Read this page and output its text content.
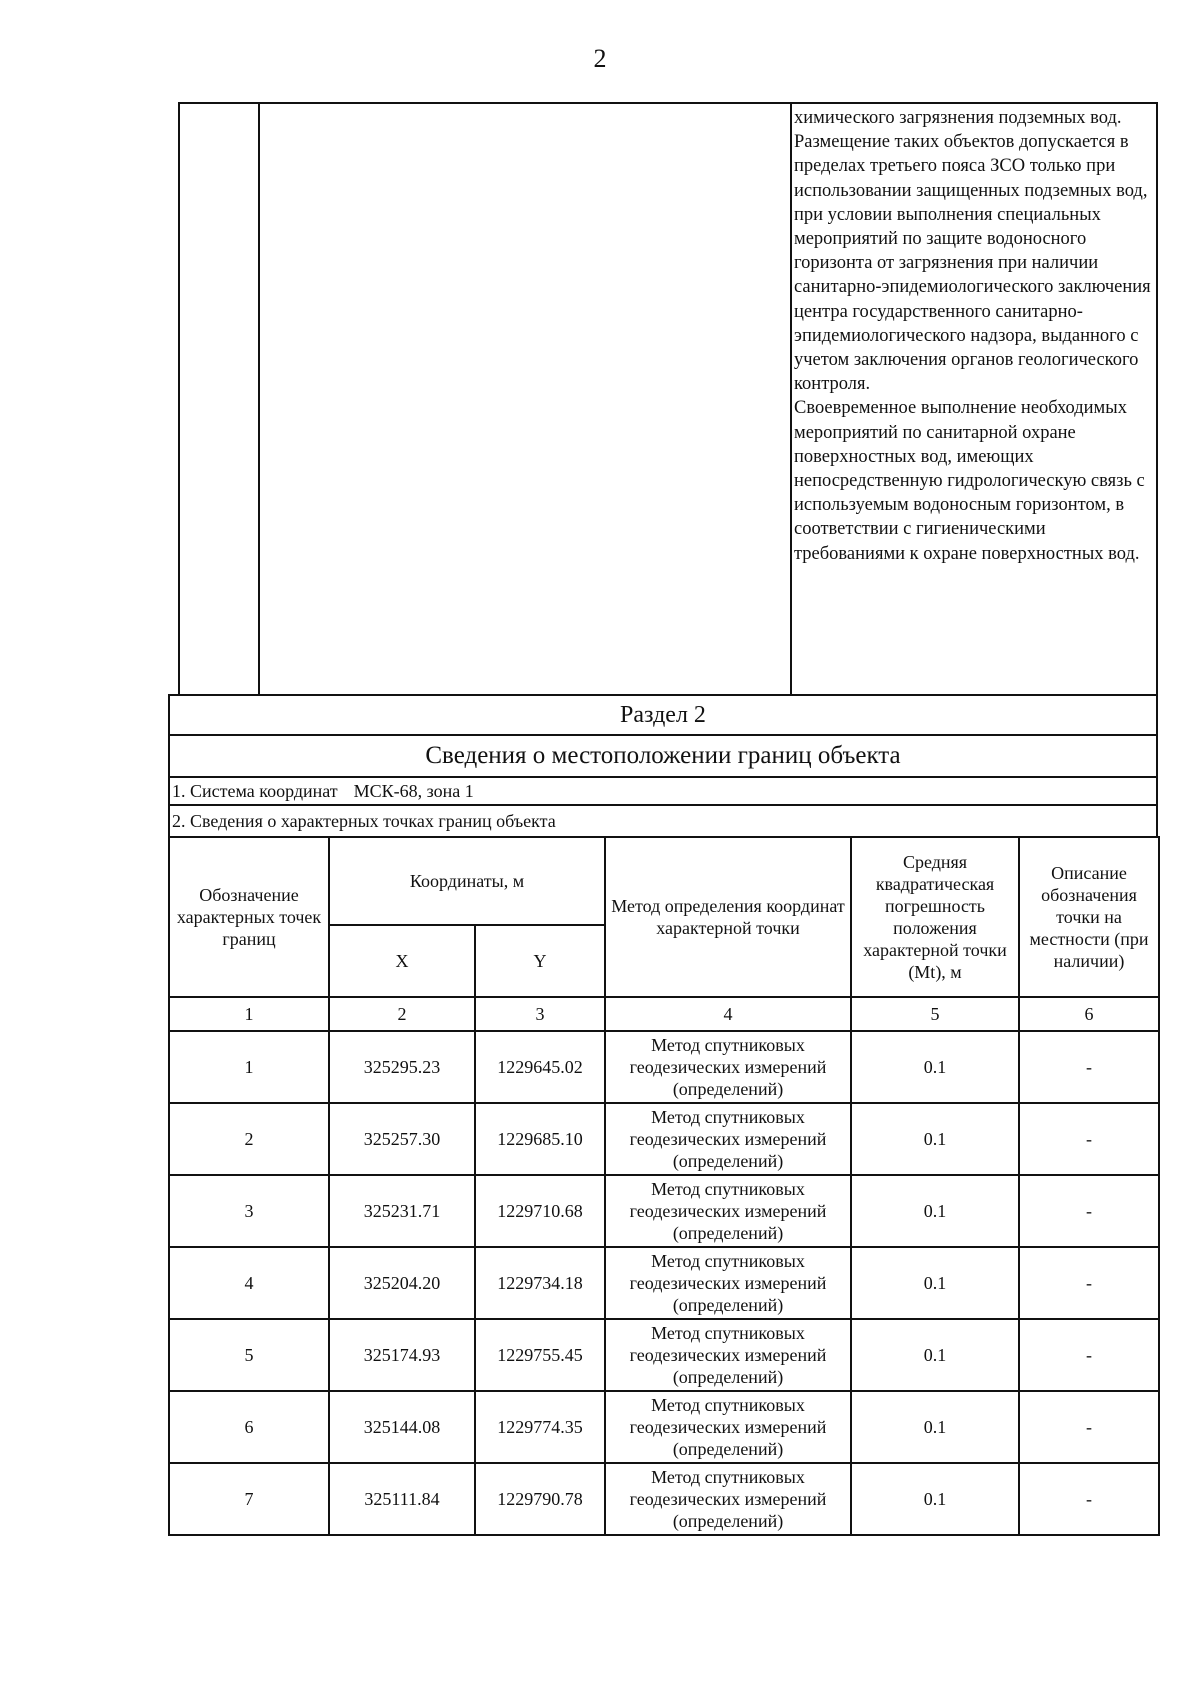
2

химического загрязнения подземных вод.

Размещение таких объектов допускается в пределах третьего пояса ЗСО только при использовании защищенных подземных вод, при условии выполнения специальных мероприятий по защите водоносного горизонта от загрязнения при наличии санитарно-эпидемиологического заключения центра государственного санитарно-эпидемиологического надзора, выданного с учетом заключения органов геологического контроля.

Своевременное выполнение необходимых мероприятий по санитарной охране поверхностных вод, имеющих непосредственную гидрологическую связь с используемым водоносным горизонтом, в соответствии с гигиеническими требованиями к охране поверхностных вод.

Раздел 2
Сведения о местоположении границ объекта
1. Система координат МСК-68, зона 1
2. Сведения о характерных точках границ объекта
Обозначение характерных точек границ	Координаты, м		Метод определения координат характерной точки	Средняя квадратическая погрешность положения характерной точки (Mt), м	Описание обозначения точки на местности (при наличии)
	X	Y			
1	2	3	4	5	6
1	325295.23	1229645.02	Метод спутниковых геодезических измерений (определений)	0.1	-
2	325257.30	1229685.10	Метод спутниковых геодезических измерений (определений)	0.1	-
3	325231.71	1229710.68	Метод спутниковых геодезических измерений (определений)	0.1	-
4	325204.20	1229734.18	Метод спутниковых геодезических измерений (определений)	0.1	-
5	325174.93	1229755.45	Метод спутниковых геодезических измерений (определений)	0.1	-
6	325144.08	1229774.35	Метод спутниковых геодезических измерений (определений)	0.1	-
7	325111.84	1229790.78	Метод спутниковых геодезических измерений (определений)	0.1	-
